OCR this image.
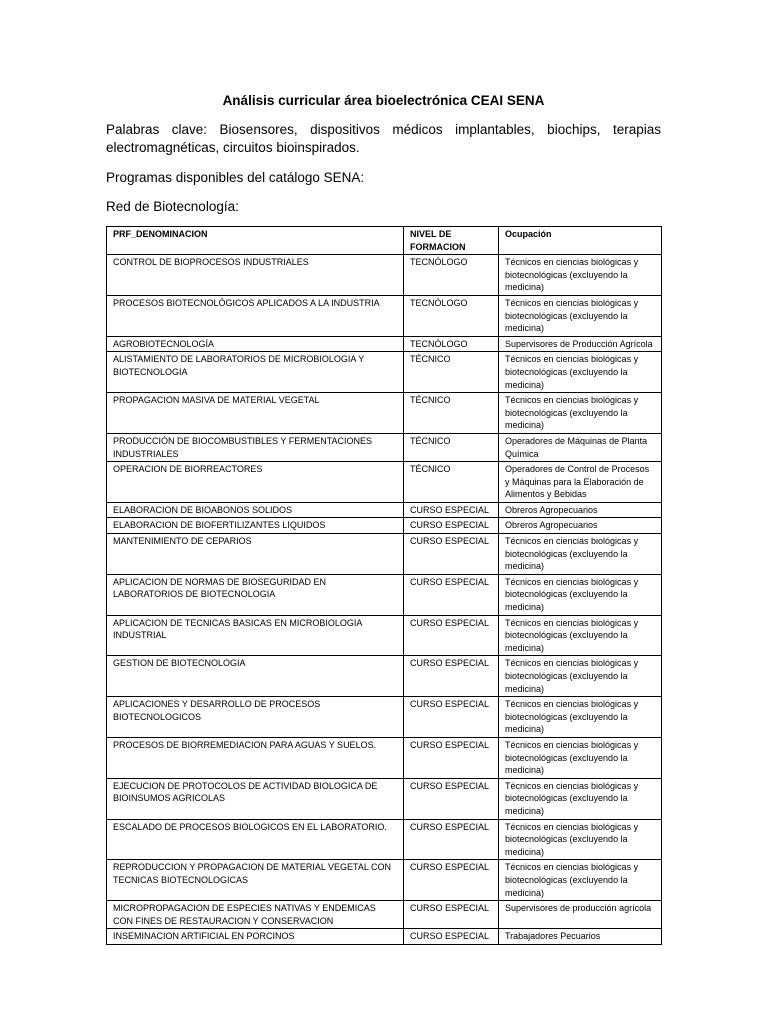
Análisis curricular área bioelectrónica CEAI SENA
Palabras clave: Biosensores, dispositivos médicos implantables, biochips, terapias electromagnéticas, circuitos bioinspirados.
Programas disponibles del catálogo SENA:
Red de Biotecnología:
PRF_DENOMINACION	NIVEL DE FORMACION	Ocupación
CONTROL DE BIOPROCESOS INDUSTRIALES	TECNÓLOGO	Técnicos en ciencias biológicas y biotecnológicas (excluyendo la medicina)
PROCESOS BIOTECNOLÓGICOS APLICADOS A LA INDUSTRIA	TECNÓLOGO	Técnicos en ciencias biológicas y biotecnológicas (excluyendo la medicina)
AGROBIOTECNOLOGÍA	TECNÓLOGO	Supervisores de Producción Agrícola
ALISTAMIENTO DE LABORATORIOS DE MICROBIOLOGIA Y BIOTECNOLOGIA	TÉCNICO	Técnicos en ciencias biológicas y biotecnológicas (excluyendo la medicina)
PROPAGACION MASIVA DE MATERIAL VEGETAL	TÉCNICO	Técnicos en ciencias biológicas y biotecnológicas (excluyendo la medicina)
PRODUCCIÓN DE BIOCOMBUSTIBLES Y FERMENTACIONES INDUSTRIALES	TÉCNICO	Operadores de Máquinas de Planta Química
OPERACION DE BIORREACTORES	TÉCNICO	Operadores de Control de Procesos y Máquinas para la Elaboración de Alimentos y Bebidas
ELABORACION DE BIOABONOS SOLIDOS	CURSO ESPECIAL	Obreros Agropecuarios
ELABORACION DE BIOFERTILIZANTES LIQUIDOS	CURSO ESPECIAL	Obreros Agropecuarios
MANTENIMIENTO DE CEPARIOS	CURSO ESPECIAL	Técnicos en ciencias biológicas y biotecnológicas (excluyendo la medicina)
APLICACION DE NORMAS DE BIOSEGURIDAD EN LABORATORIOS DE BIOTECNOLOGIA	CURSO ESPECIAL	Técnicos en ciencias biológicas y biotecnológicas (excluyendo la medicina)
APLICACION DE TECNICAS BASICAS EN MICROBIOLOGIA INDUSTRIAL	CURSO ESPECIAL	Técnicos en ciencias biológicas y biotecnológicas (excluyendo la medicina)
GESTION DE BIOTECNOLOGIA	CURSO ESPECIAL	Técnicos en ciencias biológicas y biotecnológicas (excluyendo la medicina)
APLICACIONES Y DESARROLLO DE PROCESOS BIOTECNOLOGICOS	CURSO ESPECIAL	Técnicos en ciencias biológicas y biotecnológicas (excluyendo la medicina)
PROCESOS DE BIORREMEDIACION PARA AGUAS Y SUELOS.	CURSO ESPECIAL	Técnicos en ciencias biológicas y biotecnológicas (excluyendo la medicina)
EJECUCION DE PROTOCOLOS DE ACTIVIDAD BIOLOGICA DE BIOINSUMOS AGRICOLAS	CURSO ESPECIAL	Técnicos en ciencias biológicas y biotecnológicas (excluyendo la medicina)
ESCALADO DE PROCESOS BIOLOGICOS EN EL LABORATORIO.	CURSO ESPECIAL	Técnicos en ciencias biológicas y biotecnológicas (excluyendo la medicina)
REPRODUCCION Y PROPAGACION DE MATERIAL VEGETAL CON TECNICAS BIOTECNOLOGICAS	CURSO ESPECIAL	Técnicos en ciencias biológicas y biotecnológicas (excluyendo la medicina)
MICROPROPAGACION DE ESPECIES NATIVAS Y ENDEMICAS CON FINES DE RESTAURACION Y CONSERVACION	CURSO ESPECIAL	Supervisores de producción agrícola
INSEMINACION ARTIFICIAL EN PORCINOS	CURSO ESPECIAL	Trabajadores Pecuarios
